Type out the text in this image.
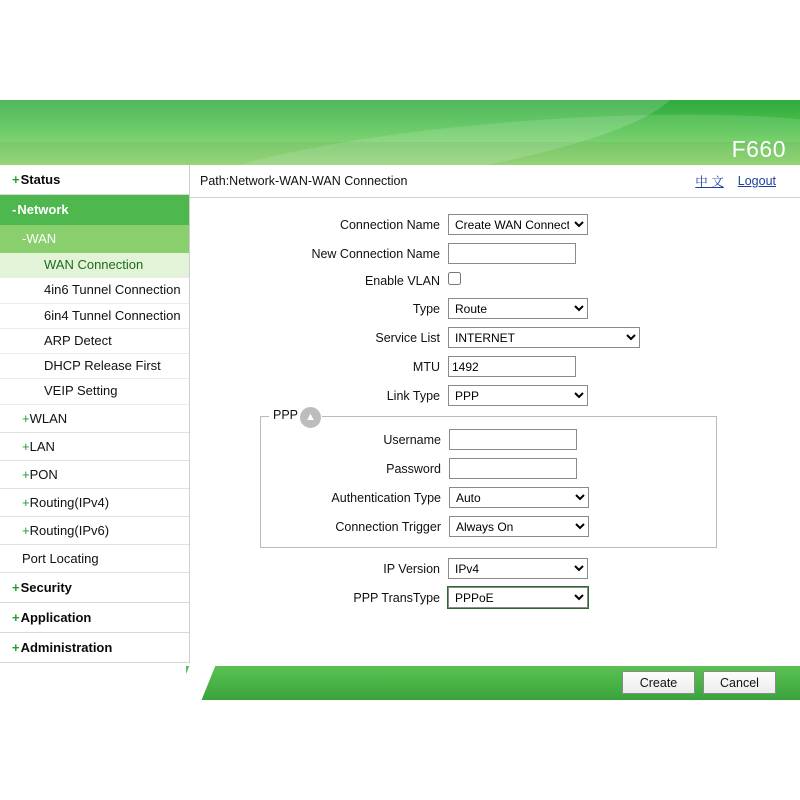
F660
+Status
-Network
-WAN
WAN Connection
4in6 Tunnel Connection
6in4 Tunnel Connection
ARP Detect
DHCP Release First
VEIP Setting
+WLAN
+LAN
+PON
+Routing(IPv4)
+Routing(IPv6)
Port Locating
+Security
+Application
+Administration
Path:Network-WAN-WAN Connection	中 文 Logout
Connection Name
Create WAN Connection
New Connection Name
Enable VLAN
Type
Route
Service List
INTERNET
MTU
1492
Link Type
PPP
PPP ▲
Username
Password
Authentication Type
Auto
Connection Trigger
Always On
IP Version
IPv4
PPP TransType
PPPoE
Create	Cancel
